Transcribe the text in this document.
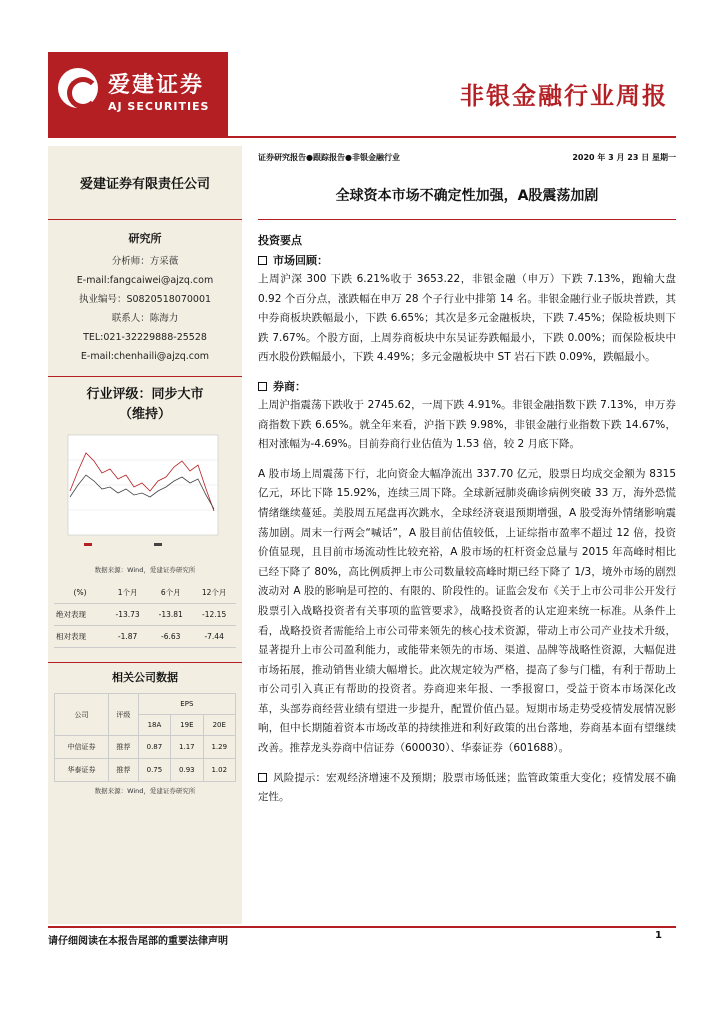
爱建证券
AJ SECURITIES	非银金融行业周报
爱建证券有限责任公司
研究所
分析师：方采薇
E-mail:fangcaiwei@ajzq.com
执业编号：S0820518070001
联系人：陈海力
TEL:021-32229888-25528
E-mail:chenhaili@ajzq.com
行业评级：同步大市
（维持）
数据来源：Wind，爱建证券研究所
(%)	1个月	6个月	12个月
绝对表现	-13.73	-13.81	-12.15
相对表现	-1.87	-6.63	-7.44
相关公司数据
公司	评级	EPS		
		18A	19E	20E
中信证券	推荐	0.87	1.17	1.29
华泰证券	推荐	0.75	0.93	1.02
数据来源：Wind，爱建证券研究所
证券研究报告●跟踪报告●非银金融行业	2020 年 3 月 23 日 星期一
全球资本市场不确定性加强，A股震荡加剧
投资要点
市场回顾：

上周沪深 300 下跌 6.21%收于 3653.22，非银金融（申万）下跌 7.13%，跑输大盘 0.92 个百分点，涨跌幅在申万 28 个子行业中排第 14 名。非银金融行业子版块普跌，其中券商板块跌幅最小，下跌 6.65%；其次是多元金融板块，下跌 7.45%；保险板块则下跌 7.67%。个股方面，上周券商板块中东吴证券跌幅最小，下跌 0.00%；而保险板块中西水股份跌幅最小，下跌 4.49%；多元金融板块中 ST 岩石下跌 0.09%，跌幅最小。

券商：

上周沪指震荡下跌收于 2745.62，一周下跌 4.91%。非银金融指数下跌 7.13%，申万券商指数下跌 6.65%。就全年来看，沪指下跌 9.98%，非银金融行业指数下跌 14.67%，相对涨幅为-4.69%。目前券商行业估值为 1.53 倍，较 2 月底下降。

A 股市场上周震荡下行，北向资金大幅净流出 337.70 亿元，股票日均成交金额为 8315 亿元，环比下降 15.92%，连续三周下降。全球新冠肺炎确诊病例突破 33 万，海外恐慌情绪继续蔓延。美股周五尾盘再次跳水，全球经济衰退预期增强，A 股受海外情绪影响震荡加剧。周末一行两会“喊话”，A 股目前估值较低，上证综指市盈率不超过 12 倍，投资价值显现，且目前市场流动性比较充裕，A 股市场的杠杆资金总量与 2015 年高峰时相比已经下降了 80%，高比例质押上市公司数量较高峰时期已经下降了 1/3，境外市场的剧烈波动对 A 股的影响是可控的、有限的、阶段性的。证监会发布《关于上市公司非公开发行股票引入战略投资者有关事项的监管要求》，战略投资者的认定迎来统一标准。从条件上看，战略投资者需能给上市公司带来领先的核心技术资源，带动上市公司产业技术升级，显著提升上市公司盈利能力，或能带来领先的市场、渠道、品牌等战略性资源，大幅促进市场拓展，推动销售业绩大幅增长。此次规定较为严格，提高了参与门槛，有利于帮助上市公司引入真正有帮助的投资者。券商迎来年报、一季报窗口，受益于资本市场深化改革，头部券商经营业绩有望进一步提升，配置价值凸显。短期市场走势受疫情发展情况影响，但中长期随着资本市场改革的持续推进和利好政策的出台落地，券商基本面有望继续改善。推荐龙头券商中信证券（600030）、华泰证券（601688）。

风险提示：宏观经济增速不及预期；股票市场低迷；监管政策重大变化；疫情发展不确定性。

请仔细阅读在本报告尾部的重要法律声明
1
